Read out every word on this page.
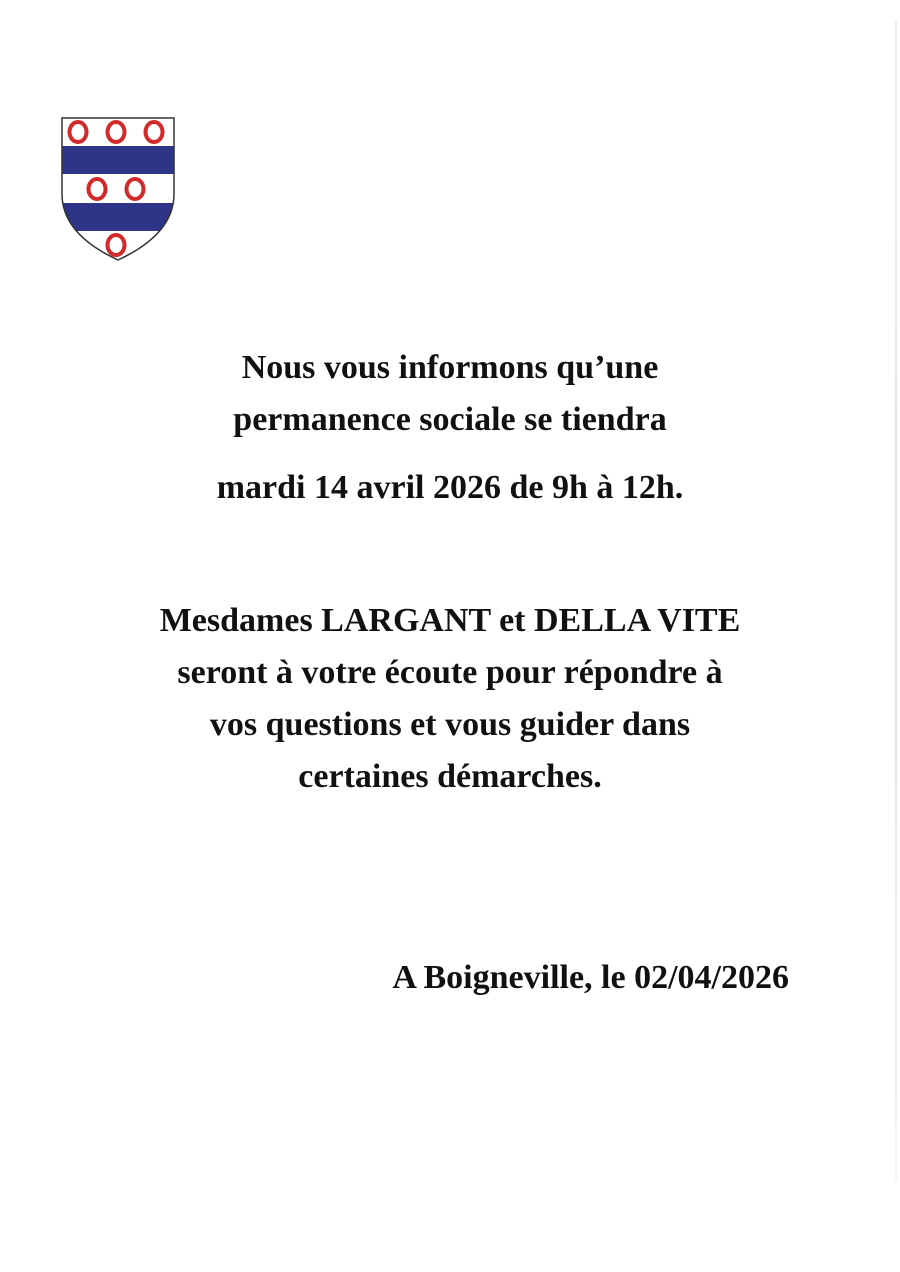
Nous vous informons qu’une

permanence sociale se tiendra

mardi 14 avril 2026 de 9h à 12h.

Mesdames LARGANT et DELLA VITE

seront à votre écoute pour répondre à

vos questions et vous guider dans

certaines démarches.

A Boigneville, le 02/04/2026
